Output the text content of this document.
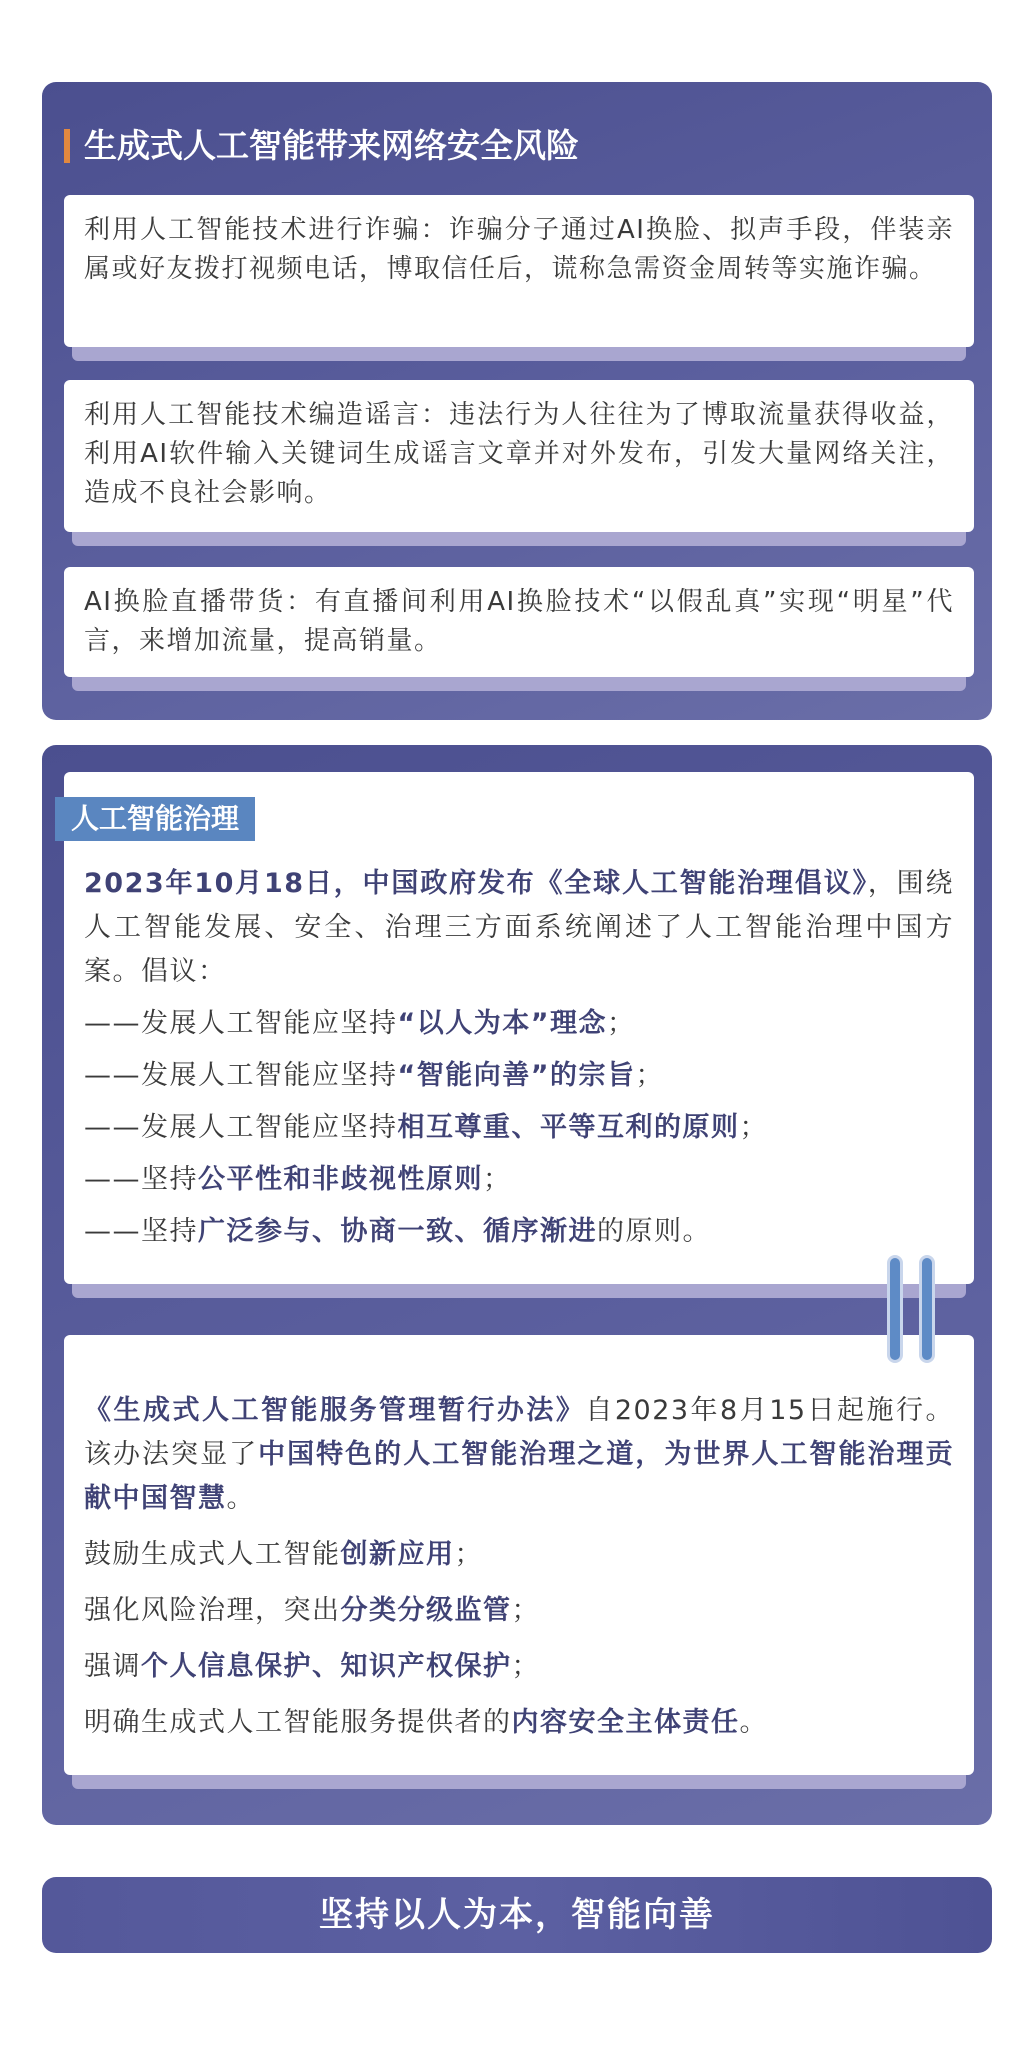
生成式人工智能带来网络安全风险
利用人工智能技术进行诈骗：诈骗分子通过AI换脸、拟声手段，伴装亲属或好友拨打视频电话，博取信任后，谎称急需资金周转等实施诈骗。
利用人工智能技术编造谣言：违法行为人往往为了博取流量获得收益，利用AI软件输入关键词生成谣言文章并对外发布，引发大量网络关注，造成不良社会影响。
AI换脸直播带货：有直播间利用AI换脸技术“以假乱真”实现“明星”代言，来增加流量，提高销量。

2023年10月18日，中国政府发布《全球人工智能治理倡议》，围绕人工智能发展、安全、治理三方面系统阐述了人工智能治理中国方案。倡议：

——发展人工智能应坚持“以人为本”理念；

——发展人工智能应坚持“智能向善”的宗旨；

——发展人工智能应坚持相互尊重、平等互利的原则；

——坚持公平性和非歧视性原则；

——坚持广泛参与、协商一致、循序渐进的原则。

人工智能治理

《生成式人工智能服务管理暂行办法》自2023年8月15日起施行。该办法突显了中国特色的人工智能治理之道，为世界人工智能治理贡献中国智慧。

鼓励生成式人工智能创新应用；

强化风险治理，突出分类分级监管；

强调个人信息保护、知识产权保护；

明确生成式人工智能服务提供者的内容安全主体责任。

坚持以人为本，智能向善
